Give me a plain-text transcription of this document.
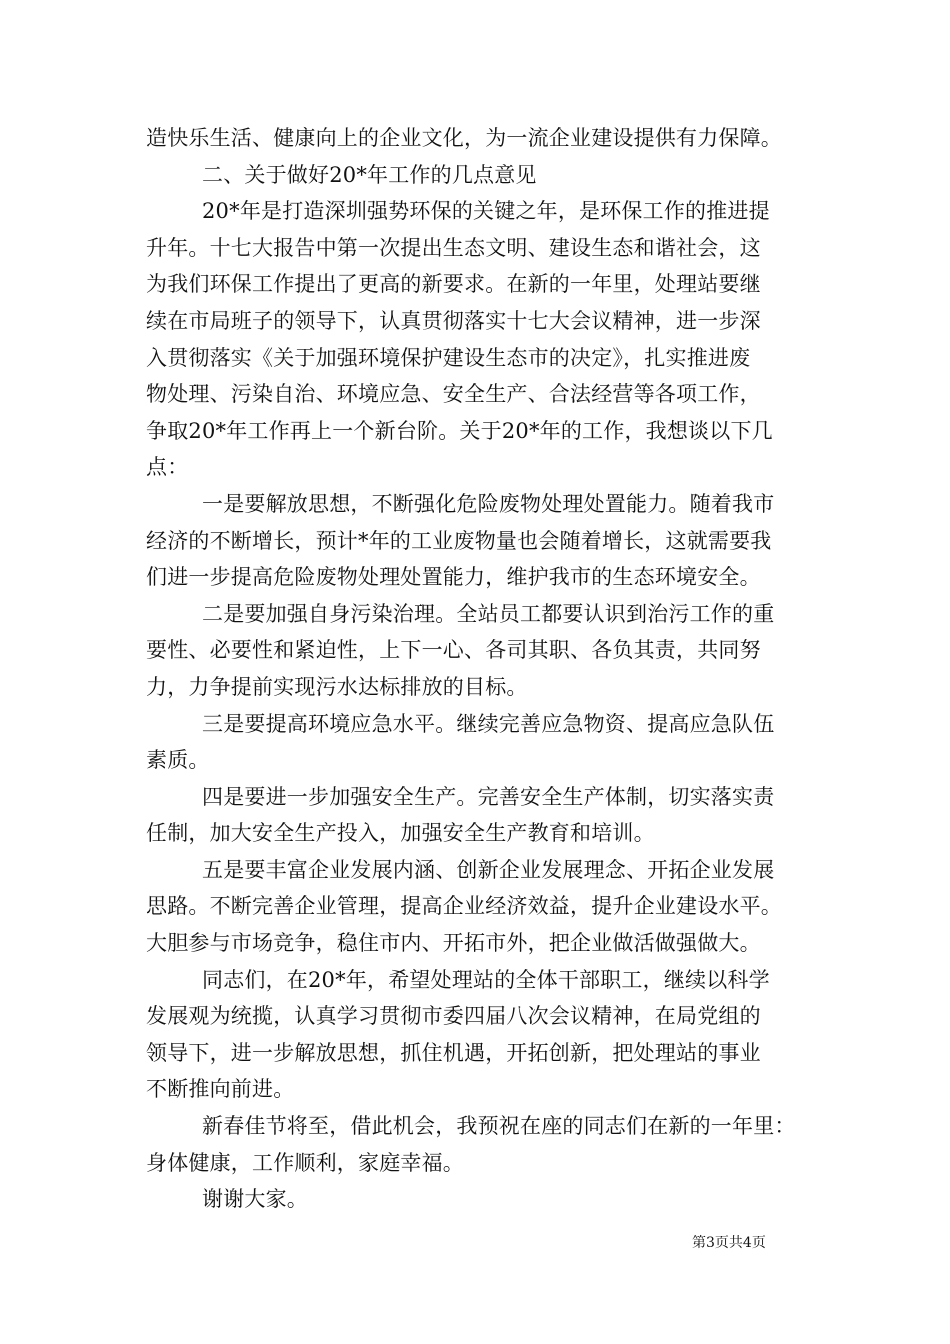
造快乐生活、健康向上的企业文化，为一流企业建设提供有力保障。
二、关于做好20*年工作的几点意见
20*年是打造深圳强势环保的关键之年，是环保工作的推进提
升年。十七大报告中第一次提出生态文明、建设生态和谐社会，这
为我们环保工作提出了更高的新要求。在新的一年里，处理站要继
续在市局班子的领导下，认真贯彻落实十七大会议精神，进一步深
入贯彻落实《关于加强环境保护建设生态市的决定》，扎实推进废
物处理、污染自治、环境应急、安全生产、合法经营等各项工作，
争取20*年工作再上一个新台阶。关于20*年的工作，我想谈以下几
点：
一是要解放思想，不断强化危险废物处理处置能力。随着我市
经济的不断增长，预计*年的工业废物量也会随着增长，这就需要我
们进一步提高危险废物处理处置能力，维护我市的生态环境安全。
二是要加强自身污染治理。全站员工都要认识到治污工作的重
要性、必要性和紧迫性，上下一心、各司其职、各负其责，共同努
力，力争提前实现污水达标排放的目标。
三是要提高环境应急水平。继续完善应急物资、提高应急队伍
素质。
四是要进一步加强安全生产。完善安全生产体制，切实落实责
任制，加大安全生产投入，加强安全生产教育和培训。
五是要丰富企业发展内涵、创新企业发展理念、开拓企业发展
思路。不断完善企业管理，提高企业经济效益，提升企业建设水平。
大胆参与市场竞争，稳住市内、开拓市外，把企业做活做强做大。
同志们，在20*年，希望处理站的全体干部职工，继续以科学
发展观为统揽，认真学习贯彻市委四届八次会议精神，在局党组的
领导下，进一步解放思想，抓住机遇，开拓创新，把处理站的事业
不断推向前进。
新春佳节将至，借此机会，我预祝在座的同志们在新的一年里：
身体健康，工作顺利，家庭幸福。
谢谢大家。
第3页共4页
